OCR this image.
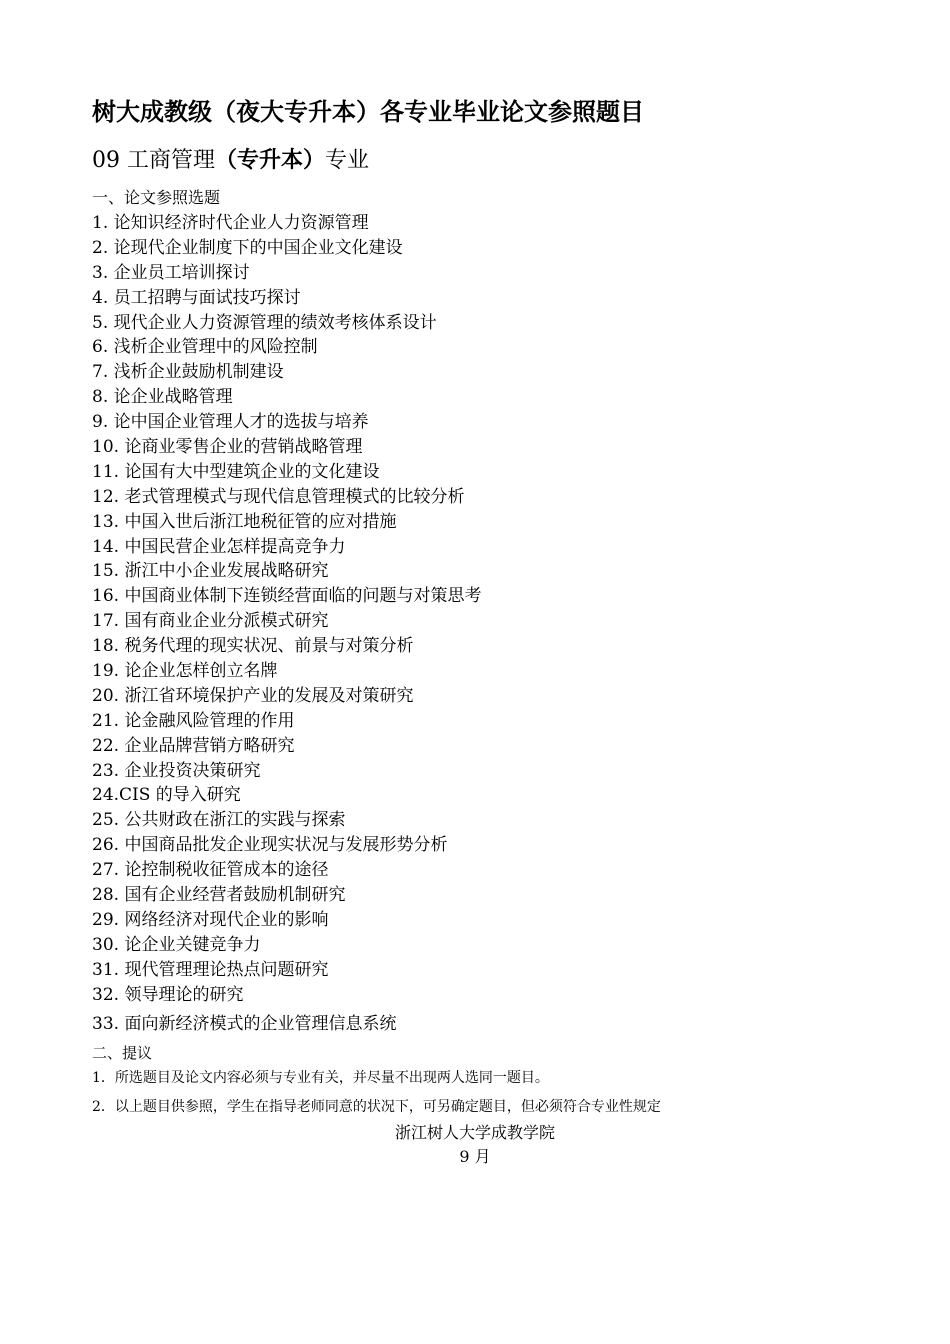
树大成教级（夜大专升本）各专业毕业论文参照题目
09 工商管理（专升本）专业
一、论文参照选题
1. 论知识经济时代企业人力资源管理
2. 论现代企业制度下的中国企业文化建设
3. 企业员工培训探讨
4. 员工招聘与面试技巧探讨
5. 现代企业人力资源管理的绩效考核体系设计
6. 浅析企业管理中的风险控制
7. 浅析企业鼓励机制建设
8. 论企业战略管理
9. 论中国企业管理人才的选拔与培养
10. 论商业零售企业的营销战略管理
11. 论国有大中型建筑企业的文化建设
12. 老式管理模式与现代信息管理模式的比较分析
13. 中国入世后浙江地税征管的应对措施
14. 中国民营企业怎样提高竞争力
15. 浙江中小企业发展战略研究
16. 中国商业体制下连锁经营面临的问题与对策思考
17. 国有商业企业分派模式研究
18. 税务代理的现实状况、前景与对策分析
19. 论企业怎样创立名牌
20. 浙江省环境保护产业的发展及对策研究
21. 论金融风险管理的作用
22. 企业品牌营销方略研究
23. 企业投资决策研究
24.CIS 的导入研究
25. 公共财政在浙江的实践与探索
26. 中国商品批发企业现实状况与发展形势分析
27. 论控制税收征管成本的途径
28. 国有企业经营者鼓励机制研究
29. 网络经济对现代企业的影响
30. 论企业关键竞争力
31. 现代管理理论热点问题研究
32. 领导理论的研究
33. 面向新经济模式的企业管理信息系统
二、提议
1．所选题目及论文内容必须与专业有关，并尽量不出现两人选同一题目。
2．以上题目供参照，学生在指导老师同意的状况下，可另确定题目，但必须符合专业性规定
浙江树人大学成教学院
9 月
